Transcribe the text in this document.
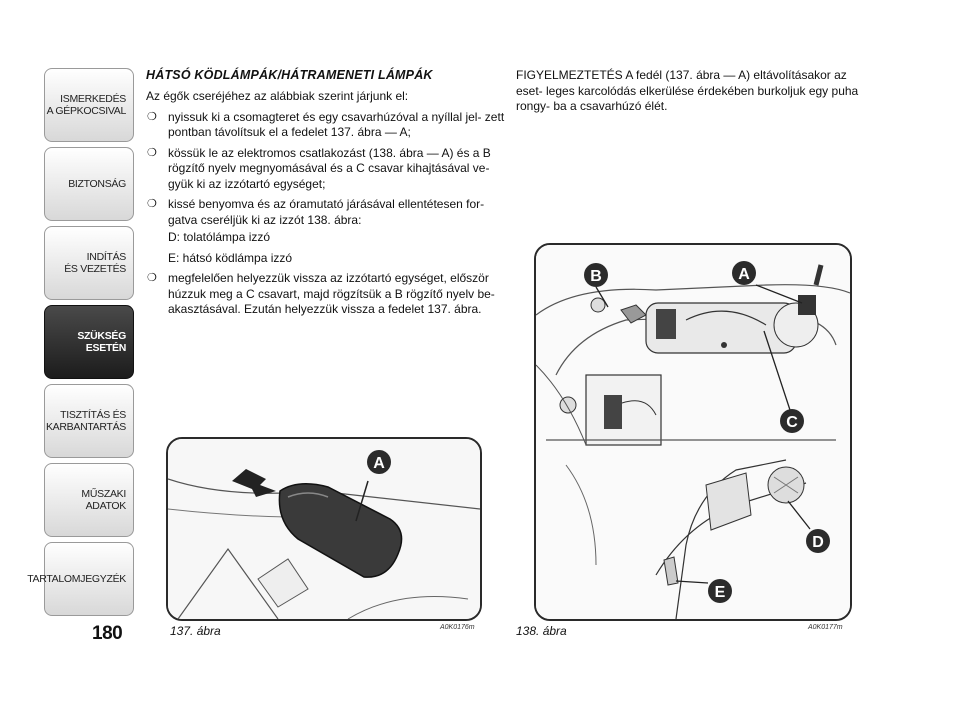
ISMERKEDÉS
A GÉPKOCSIVAL
BIZTONSÁG
INDÍTÁS
ÉS VEZETÉS
SZÜKSÉG
ESETÉN
TISZTÍTÁS ÉS
KARBANTARTÁS
MŰSZAKI
ADATOK
TARTALOMJEGYZÉK
180
HÁTSÓ KÖDLÁMPÁK/HÁTRAMENETI LÁMPÁK
Az égők cseréjéhez az alábbiak szerint járjunk el:
❍ nyissuk ki a csomagteret és egy csavarhúzóval a nyíllal jel- zett pontban távolítsuk el a fedelet 137. ábra — A;
❍ kössük le az elektromos csatlakozást (138. ábra — A) és a B rögzítő nyelv megnyomásával és a C csavar kihajtásával ve- gyük ki az izzótartó egységet;
❍ kissé benyomva és az óramutató járásával ellentétesen for- gatva cseréljük ki az izzót 138. ábra:
D: tolatólámpa izzó
E: hátsó ködlámpa izzó
❍ megfelelően helyezzük vissza az izzótartó egységet, először húzzuk meg a C csavart, majd rögzítsük a B rögzítő nyelv be- akasztásával. Ezután helyezzük vissza a fedelet 137. ábra.
FIGYELMEZTETÉS A fedél (137. ábra — A) eltávolításakor az eset- leges karcolódás elkerülése érdekében burkoljuk egy puha rongy- ba a csavarhúzó élét.
A
137. ábra	A0K0176m
B	A
C
D
E
138. ábra	A0K0177m
